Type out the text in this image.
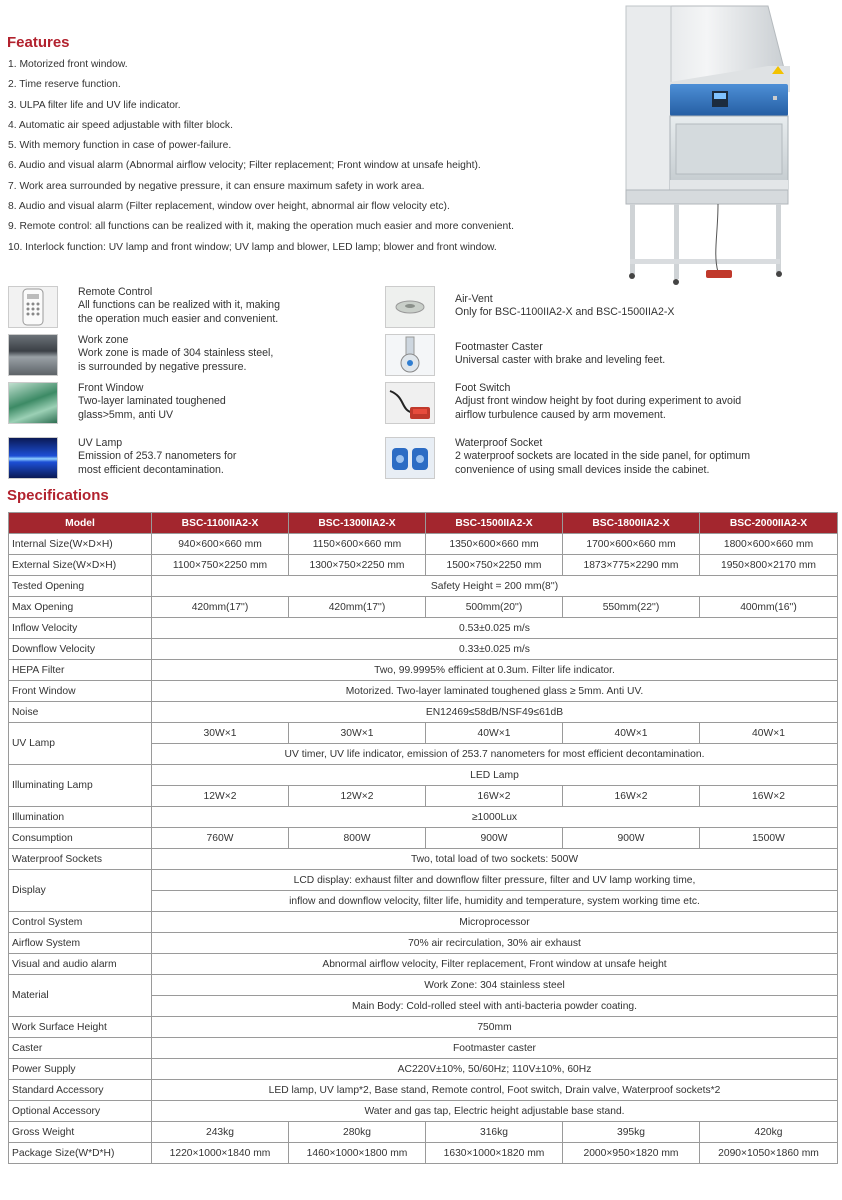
Features
1. Motorized front window.
2. Time reserve function.
3. ULPA filter life and UV life indicator.
4. Automatic air speed adjustable with filter block.
5. With memory function in case of power-failure.
6. Audio and visual alarm (Abnormal airflow velocity; Filter replacement; Front window at unsafe height).
7. Work area surrounded by negative pressure, it can ensure maximum safety in work area.
8. Audio and visual alarm (Filter replacement, window over height, abnormal air flow velocity etc).
9. Remote control: all functions can be realized with it, making the operation much easier and more convenient.
10. Interlock function: UV lamp and front window; UV lamp and blower, LED lamp; blower and front window.
Remote Control
All functions can be realized with it, making
the operation much easier and convenient.
Work zone
Work zone is made of 304 stainless steel,
is surrounded by negative pressure.
Front Window
Two-layer laminated toughened
glass>5mm, anti UV
UV Lamp
Emission of 253.7 nanometers for
most efficient decontamination.
Air-Vent
Only for BSC-1100IIA2-X and BSC-1500IIA2-X
Footmaster Caster
Universal caster with brake and leveling feet.
Foot Switch
Adjust front window height by foot during experiment to avoid
airflow turbulence caused by arm movement.
Waterproof Socket
2 waterproof sockets are located in the side panel, for optimum
convenience of using small devices inside the cabinet.
Specifications
Model	BSC-1100IIA2-X	BSC-1300IIA2-X	BSC-1500IIA2-X	BSC-1800IIA2-X	BSC-2000IIA2-X
Internal Size(W×D×H)	940×600×660 mm	1150×600×660 mm	1350×600×660 mm	1700×600×660 mm	1800×600×660 mm
External Size(W×D×H)	1100×750×2250 mm	1300×750×2250 mm	1500×750×2250 mm	1873×775×2290 mm	1950×800×2170 mm
Tested Opening	Safety Height = 200 mm(8'')				
Max Opening	420mm(17'')	420mm(17'')	500mm(20'')	550mm(22'')	400mm(16'')
Inflow Velocity	0.53±0.025 m/s				
Downflow Velocity	0.33±0.025 m/s				
HEPA Filter	Two, 99.9995% efficient at 0.3um. Filter life indicator.				
Front Window	Motorized. Two-layer laminated toughened glass ≥ 5mm. Anti UV.				
Noise	EN12469≤58dB/NSF49≤61dB				
UV Lamp	30W×1	30W×1	40W×1	40W×1	40W×1
	UV timer, UV life indicator, emission of 253.7 nanometers for most efficient decontamination.				
Illuminating Lamp	LED Lamp				
	12W×2	12W×2	16W×2	16W×2	16W×2
Illumination	≥1000Lux				
Consumption	760W	800W	900W	900W	1500W
Waterproof Sockets	Two, total load of two sockets: 500W				
Display	LCD display: exhaust filter and downflow filter pressure, filter and UV lamp working time,				
	inflow and downflow velocity, filter life, humidity and temperature, system working time etc.				
Control System	Microprocessor				
Airflow System	70% air recirculation, 30% air exhaust				
Visual and audio alarm	Abnormal airflow velocity, Filter replacement, Front window at unsafe height				
Material	Work Zone: 304 stainless steel				
	Main Body: Cold-rolled steel with anti-bacteria powder coating.				
Work Surface Height	750mm				
Caster	Footmaster caster				
Power Supply	AC220V±10%, 50/60Hz; 110V±10%, 60Hz				
Standard Accessory	LED lamp, UV lamp*2, Base stand, Remote control, Foot switch, Drain valve, Waterproof sockets*2				
Optional Accessory	Water and gas tap, Electric height adjustable base stand.				
Gross Weight	243kg	280kg	316kg	395kg	420kg
Package Size(W*D*H)	1220×1000×1840 mm	1460×1000×1800 mm	1630×1000×1820 mm	2000×950×1820 mm	2090×1050×1860 mm
